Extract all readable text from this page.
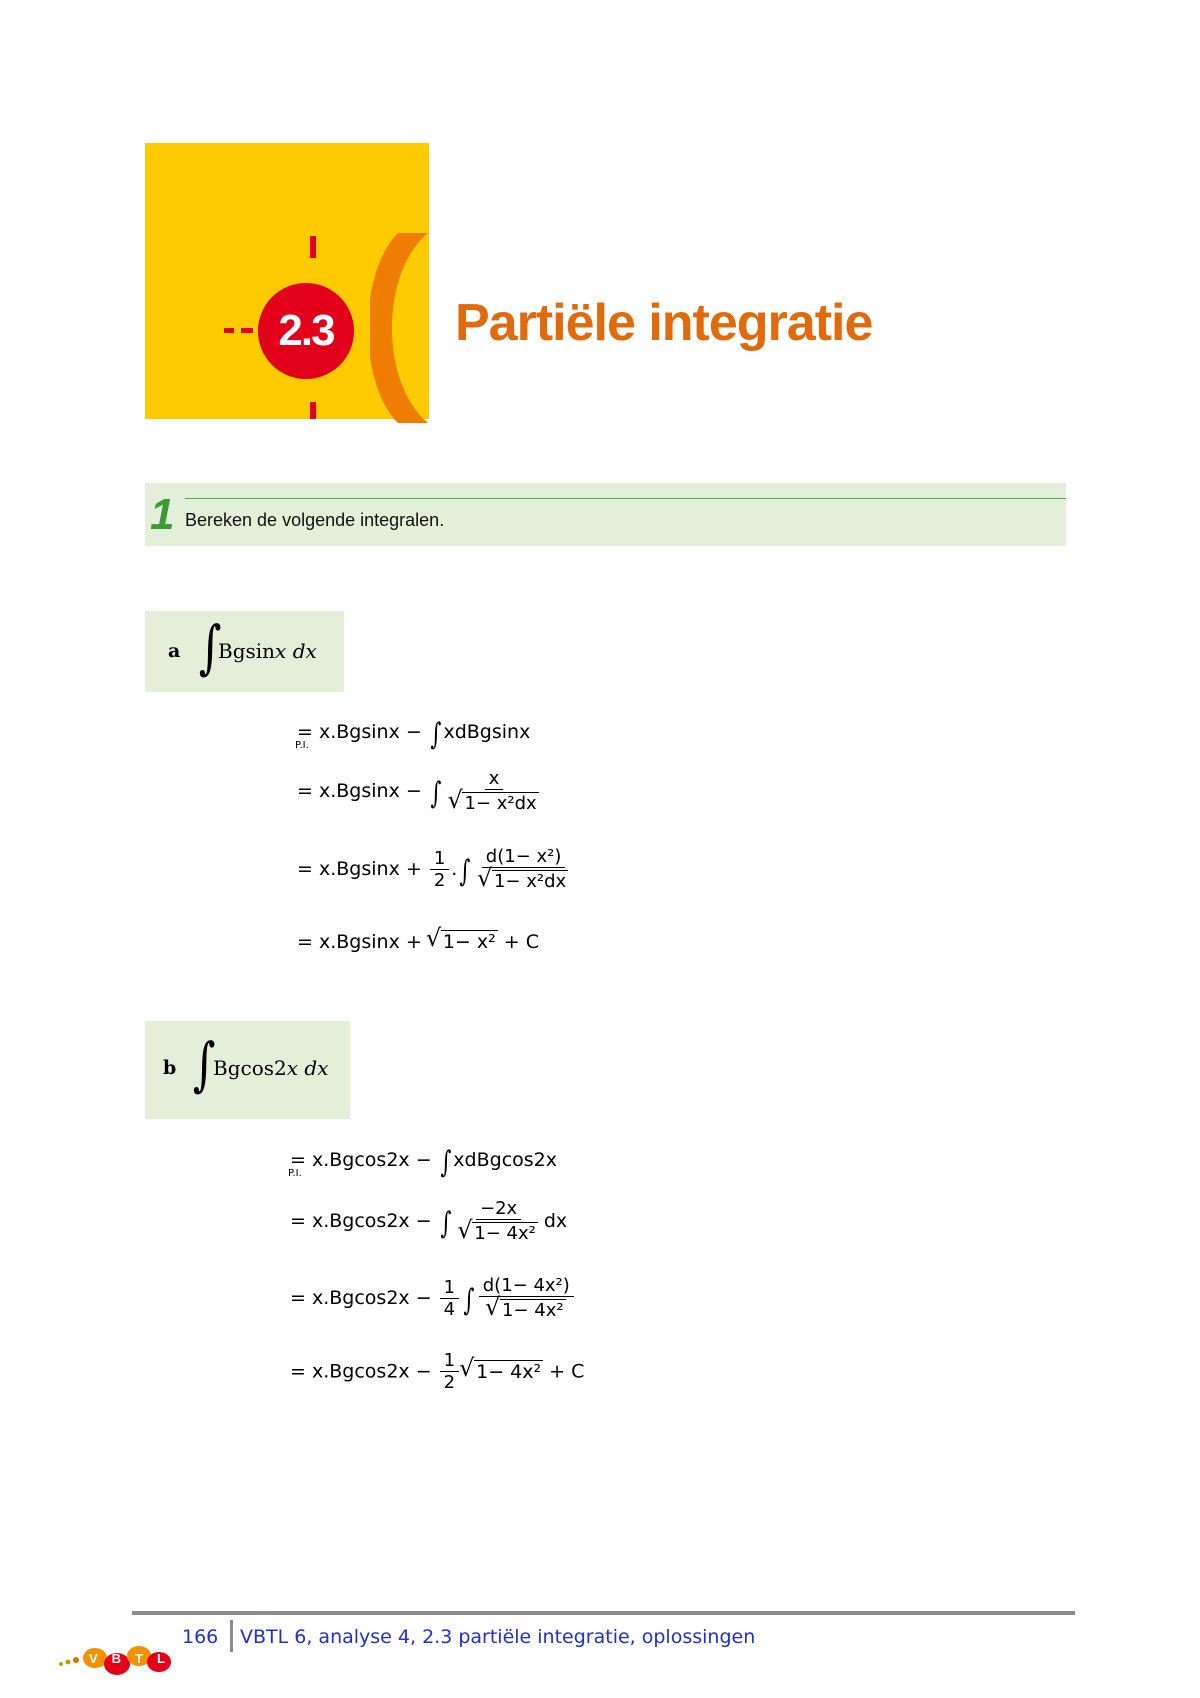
2.3 Partiële integratie
1 Bereken de volgende integralen.
a ∫
Bgsinx dx
=
P.I.
x.Bgsinx − ∫ xdBgsinx
= x.Bgsinx − ∫ x
√ 1− x²dx
= $x.Bgsinx + \frac{1}{2}$ .∫ d(1− x²)
√ 1− x²dx
= x.Bgsinx + √ 1− x² + C
b ∫
Bgcos2x dx
=
P.I.
x.Bgcos2x − ∫ xdBgcos2x
= x.Bgcos2x − ∫ −2x
√ 1− 4x² dx
= $x.Bgcos2x - \frac{1}{4}$ ∫ d(1− 4x²)
√ 1− 4x²
= $x.Bgcos2x - \frac{1}{2}$ √ 1− 4x² + C
166 VBTL 6, analyse 4, 2.3 partiële integratie, oplossingen
VBTL
